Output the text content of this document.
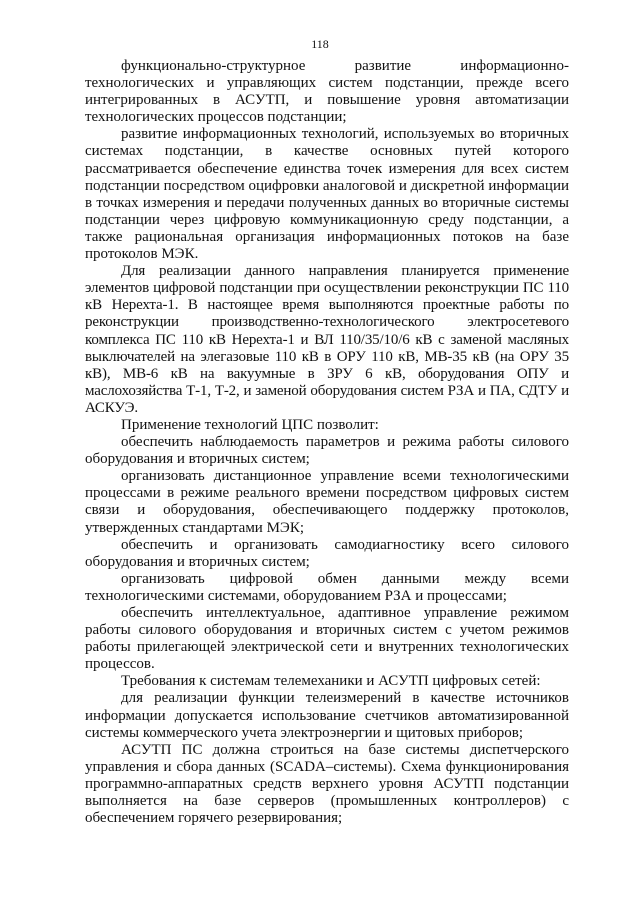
118

функционально-структурное развитие информационно-технологических и управляющих систем подстанции, прежде всего интегрированных в АСУТП, и повышение уровня автоматизации технологических процессов подстанции;

развитие информационных технологий, используемых во вторичных системах подстанции, в качестве основных путей которого рассматривается обеспечение единства точек измерения для всех систем подстанции посредством оцифровки аналоговой и дискретной информации в точках измерения и передачи полученных данных во вторичные системы подстанции через цифровую коммуникационную среду подстанции, а также рациональная организация информационных потоков на базе протоколов МЭК.

Для реализации данного направления планируется применение элементов цифровой подстанции при осуществлении реконструкции ПС 110 кВ Нерехта-1. В настоящее время выполняются проектные работы по реконструкции производственно-технологического электросетевого комплекса ПС 110 кВ Нерехта-1 и ВЛ 110/35/10/6 кВ с заменой масляных выключателей на элегазовые 110 кВ в ОРУ 110 кВ, МВ-35 кВ (на ОРУ 35 кВ), МВ-6 кВ на вакуумные в ЗРУ 6 кВ, оборудования ОПУ и маслохозяйства Т-1, Т-2, и заменой оборудования систем РЗА и ПА, СДТУ и АСКУЭ.

Применение технологий ЦПС позволит:

обеспечить наблюдаемость параметров и режима работы силового оборудования и вторичных систем;

организовать дистанционное управление всеми технологическими процессами в режиме реального времени посредством цифровых систем связи и оборудования, обеспечивающего поддержку протоколов, утвержденных стандартами МЭК;

обеспечить и организовать самодиагностику всего силового оборудования и вторичных систем;

организовать цифровой обмен данными между всеми технологическими системами, оборудованием РЗА и процессами;

обеспечить интеллектуальное, адаптивное управление режимом работы силового оборудования и вторичных систем с учетом режимов работы прилегающей электрической сети и внутренних технологических процессов.

Требования к системам телемеханики и АСУТП цифровых сетей:

для реализации функции телеизмерений в качестве источников информации допускается использование счетчиков автоматизированной системы коммерческого учета электроэнергии и щитовых приборов;

АСУТП ПС должна строиться на базе системы диспетчерского управления и сбора данных (SCADA–системы). Схема функционирования программно-аппаратных средств верхнего уровня АСУТП подстанции выполняется на базе серверов (промышленных контроллеров) с обеспечением горячего резервирования;
